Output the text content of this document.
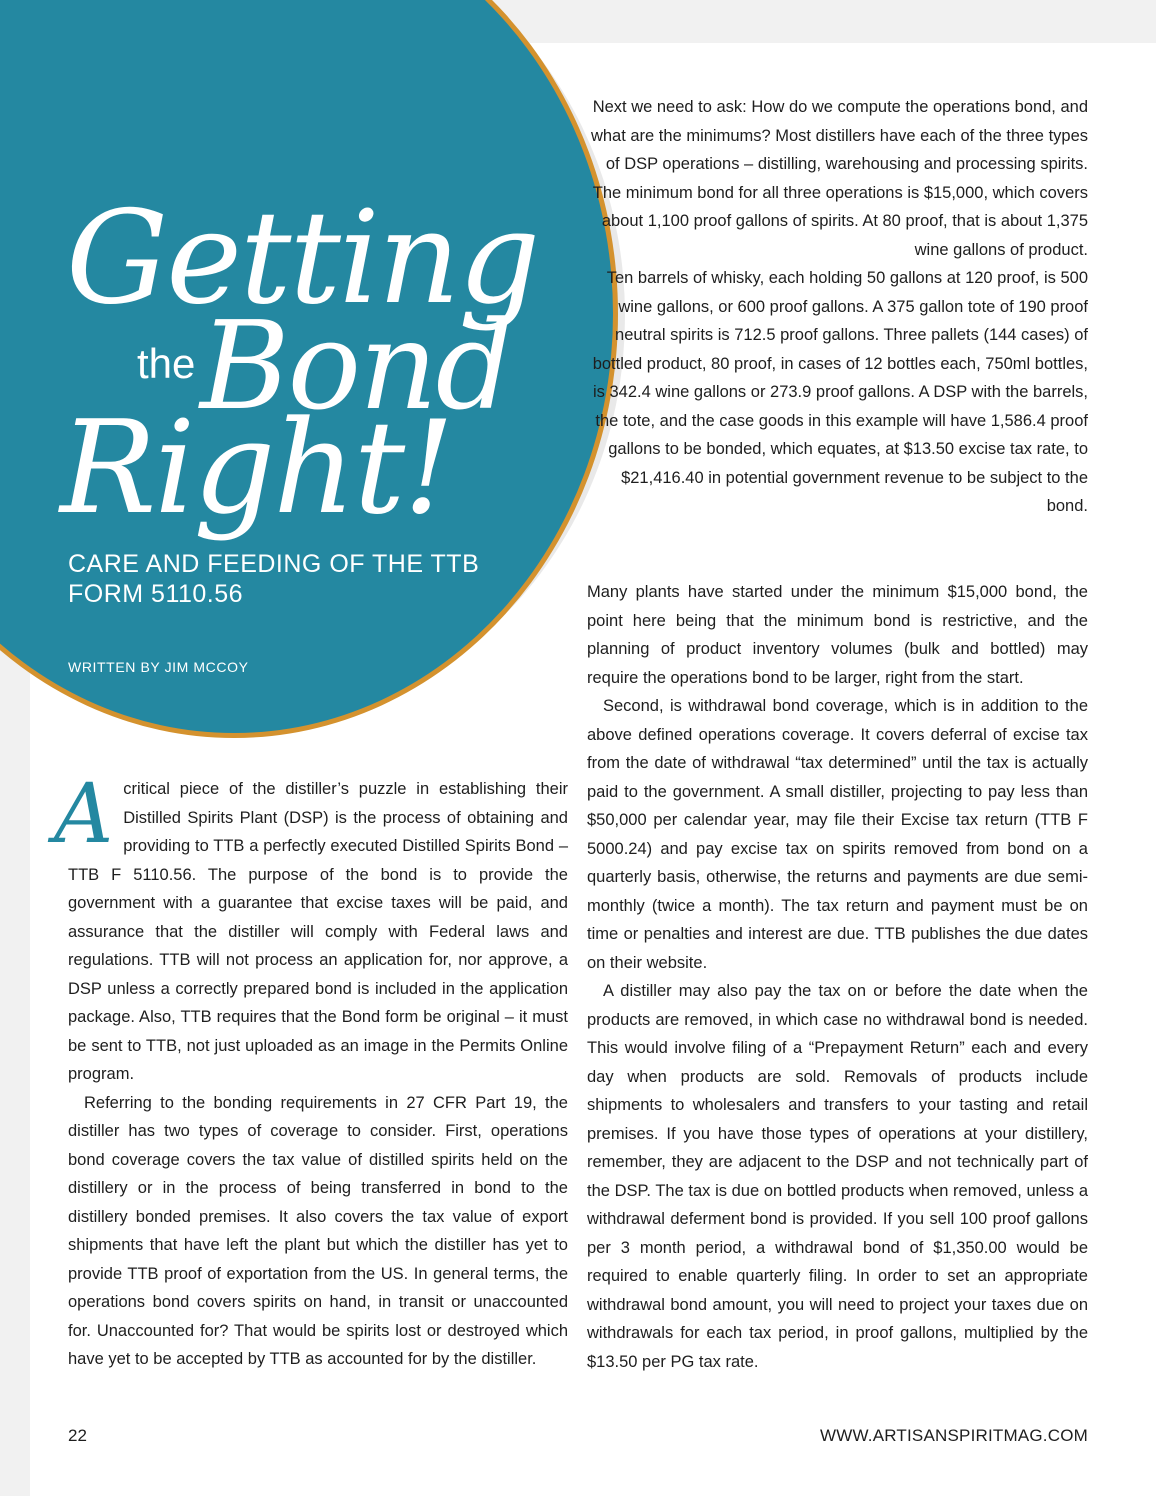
Getting
the Bond
Right!
CARE AND FEEDING OF THE TTB FORM 5110.56

WRITTEN BY JIM MCCOY

Next we need to ask: How do we compute the operations bond, and what are the minimums? Most distillers have each of the three types of DSP operations – distilling, warehousing and processing spirits. The minimum bond for all three operations is $15,000, which covers about 1,100 proof gallons of spirits. At 80 proof, that is about 1,375 wine gallons of product.

Ten barrels of whisky, each holding 50 gallons at 120 proof, is 500 wine gallons, or 600 proof gallons. A 375 gallon tote of 190 proof neutral spirits is 712.5 proof gallons. Three pallets (144 cases) of bottled product, 80 proof, in cases of 12 bottles each, 750ml bottles, is 342.4 wine gallons or 273.9 proof gallons. A DSP with the barrels, the tote, and the case goods in this example will have 1,586.4 proof gallons to be bonded, which equates, at $13.50 excise tax rate, to $21,416.40 in potential government revenue to be subject to the bond.

Many plants have started under the minimum $15,000 bond, the point here being that the minimum bond is restrictive, and the planning of product inventory volumes (bulk and bottled) may require the operations bond to be larger, right from the start.

Second, is withdrawal bond coverage, which is in addition to the above defined operations coverage. It covers deferral of excise tax from the date of withdrawal “tax determined” until the tax is actually paid to the government. A small distiller, projecting to pay less than $50,000 per calendar year, may file their Excise tax return (TTB F 5000.24) and pay excise tax on spirits removed from bond on a quarterly basis, otherwise, the returns and payments are due semi-monthly (twice a month). The tax return and payment must be on time or penalties and interest are due. TTB publishes the due dates on their website.

A distiller may also pay the tax on or before the date when the products are removed, in which case no withdrawal bond is needed. This would involve filing of a “Prepayment Return” each and every day when products are sold. Removals of products include shipments to wholesalers and transfers to your tasting and retail premises. If you have those types of operations at your distillery, remember, they are adjacent to the DSP and not technically part of the DSP. The tax is due on bottled products when removed, unless a withdrawal deferment bond is provided. If you sell 100 proof gallons per 3 month period, a withdrawal bond of $1,350.00 would be required to enable quarterly filing. In order to set an appropriate withdrawal bond amount, you will need to project your taxes due on withdrawals for each tax period, in proof gallons, multiplied by the $13.50 per PG tax rate.

Acritical piece of the distiller’s puzzle in establishing their Distilled Spirits Plant (DSP) is the process of obtaining and providing to TTB a perfectly executed Distilled Spirits Bond – TTB F 5110.56. The purpose of the bond is to provide the government with a guarantee that excise taxes will be paid, and assurance that the distiller will comply with Federal laws and regulations. TTB will not process an application for, nor approve, a DSP unless a correctly prepared bond is included in the application package. Also, TTB requires that the Bond form be original – it must be sent to TTB, not just uploaded as an image in the Permits Online program.

Referring to the bonding requirements in 27 CFR Part 19, the distiller has two types of coverage to consider. First, operations bond coverage covers the tax value of distilled spirits held on the distillery or in the process of being transferred in bond to the distillery bonded premises. It also covers the tax value of export shipments that have left the plant but which the distiller has yet to provide TTB proof of exportation from the US. In general terms, the operations bond covers spirits on hand, in transit or unaccounted for. Unaccounted for? That would be spirits lost or destroyed which have yet to be accepted by TTB as accounted for by the distiller.

22	WWW.ARTISANSPIRITMAG.COM
